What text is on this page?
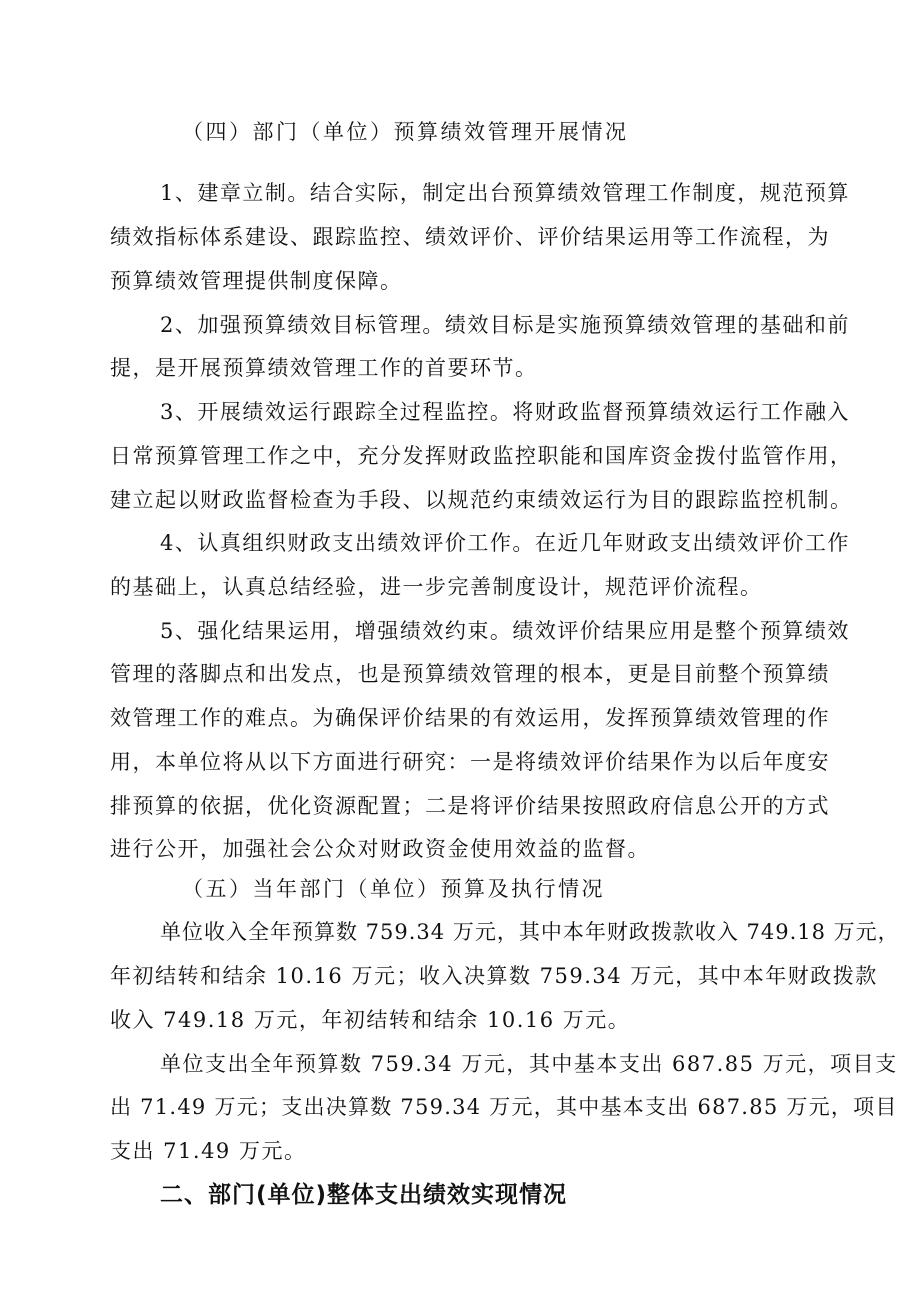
（四）部门（单位）预算绩效管理开展情况
1、建章立制。结合实际，制定出台预算绩效管理工作制度，规范预算
绩效指标体系建设、跟踪监控、绩效评价、评价结果运用等工作流程，为
预算绩效管理提供制度保障。
2、加强预算绩效目标管理。绩效目标是实施预算绩效管理的基础和前
提，是开展预算绩效管理工作的首要环节。
3、开展绩效运行跟踪全过程监控。将财政监督预算绩效运行工作融入
日常预算管理工作之中，充分发挥财政监控职能和国库资金拨付监管作用，
建立起以财政监督检查为手段、以规范约束绩效运行为目的跟踪监控机制。
4、认真组织财政支出绩效评价工作。在近几年财政支出绩效评价工作
的基础上，认真总结经验，进一步完善制度设计，规范评价流程。
5、强化结果运用，增强绩效约束。绩效评价结果应用是整个预算绩效
管理的落脚点和出发点，也是预算绩效管理的根本，更是目前整个预算绩
效管理工作的难点。为确保评价结果的有效运用，发挥预算绩效管理的作
用，本单位将从以下方面进行研究：一是将绩效评价结果作为以后年度安
排预算的依据，优化资源配置；二是将评价结果按照政府信息公开的方式
进行公开，加强社会公众对财政资金使用效益的监督。
（五）当年部门（单位）预算及执行情况
单位收入全年预算数 759.34 万元，其中本年财政拨款收入 749.18 万元，
年初结转和结余 10.16 万元；收入决算数 759.34 万元，其中本年财政拨款
收入 749.18 万元，年初结转和结余 10.16 万元。
单位支出全年预算数 759.34 万元，其中基本支出 687.85 万元，项目支
出 71.49 万元；支出决算数 759.34 万元，其中基本支出 687.85 万元，项目
支出 71.49 万元。
二、部门(单位)整体支出绩效实现情况
